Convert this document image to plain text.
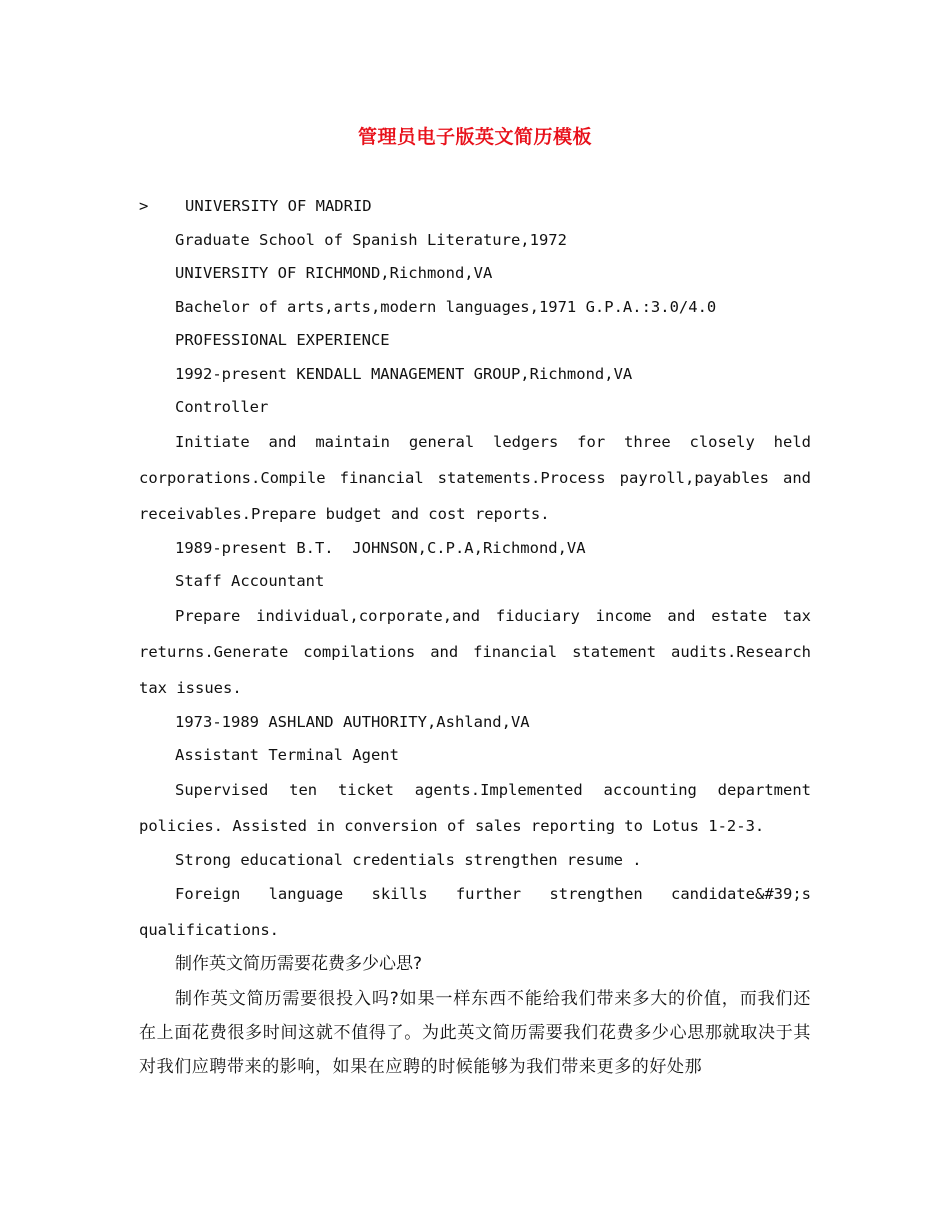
管理员电子版英文简历模板
> UNIVERSITY OF MADRID
Graduate School of Spanish Literature,1972
UNIVERSITY OF RICHMOND,Richmond,VA
Bachelor of arts,arts,modern languages,1971 G.P.A.:3.0/4.0
PROFESSIONAL EXPERIENCE
1992-present KENDALL MANAGEMENT GROUP,Richmond,VA
Controller

Initiate and maintain general ledgers for three closely held corporations.Compile financial statements.Process payroll,payables and receivables.Prepare budget and cost reports.

1989-present B.T.  JOHNSON,C.P.A,Richmond,VA
Staff Accountant

Prepare individual,corporate,and fiduciary income and estate tax returns.Generate compilations and financial statement audits.Research tax issues.

1973-1989 ASHLAND AUTHORITY,Ashland,VA
Assistant Terminal Agent

Supervised ten ticket agents.Implemented accounting department policies. Assisted in conversion of sales reporting to Lotus 1-2-3.

Strong educational credentials strengthen resume .

Foreign language skills further strengthen candidate&#39;s qualifications.

制作英文简历需要花费多少心思?

制作英文简历需要很投入吗?如果一样东西不能给我们带来多大的价值，而我们还在上面花费很多时间这就不值得了。为此英文简历需要我们花费多少心思那就取决于其对我们应聘带来的影响，如果在应聘的时候能够为我们带来更多的好处那
